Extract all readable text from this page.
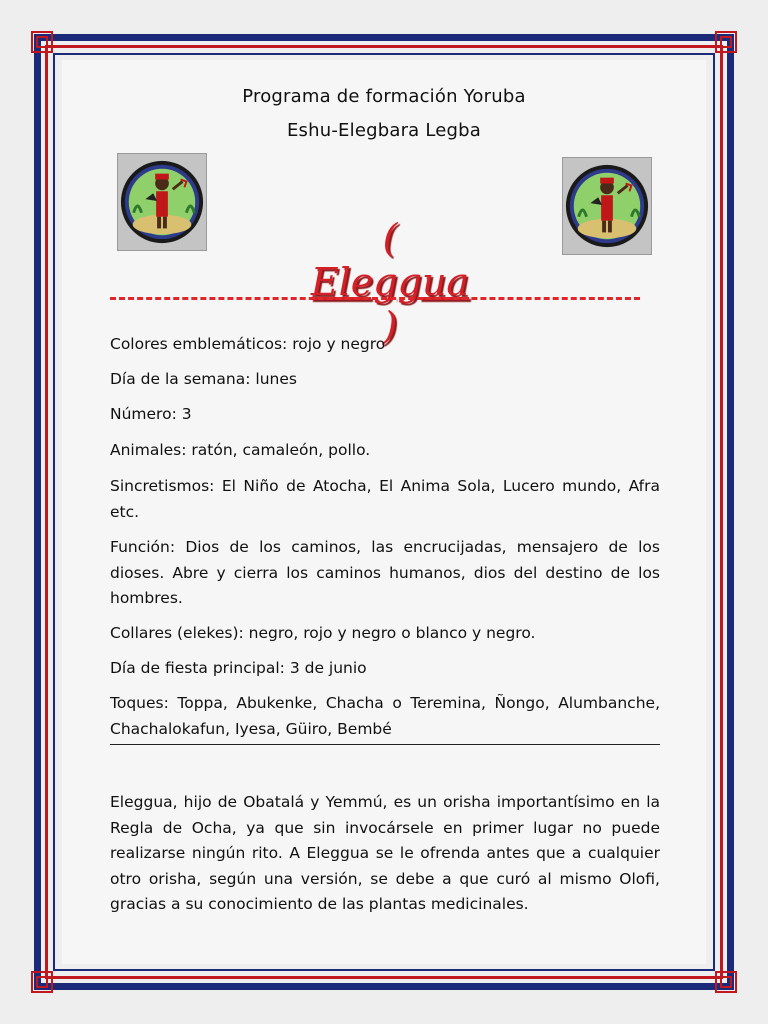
Programa de formación Yoruba
Eshu-Elegbara Legba
( Eleggua )
Colores emblemáticos: rojo y negro
Día de la semana: lunes
Número: 3
Animales: ratón, camaleón, pollo.
Sincretismos: El Niño de Atocha, El Anima Sola, Lucero mundo, Afra etc.
Función: Dios de los caminos, las encrucijadas, mensajero de los dioses. Abre y cierra los caminos humanos, dios del destino de los hombres.
Collares (elekes): negro, rojo y negro o blanco y negro.
Día de fiesta principal: 3 de junio
Toques: Toppa, Abukenke, Chacha o Teremina, Ñongo, Alumbanche, Chachalokafun, Iyesa, Güiro, Bembé
Eleggua, hijo de Obatalá y Yemmú, es un orisha importantísimo en la Regla de Ocha, ya que sin invocársele en primer lugar no puede realizarse ningún rito. A Eleggua se le ofrenda antes que a cualquier otro orisha, según una versión, se debe a que curó al mismo Olofi, gracias a su conocimiento de las plantas medicinales.
